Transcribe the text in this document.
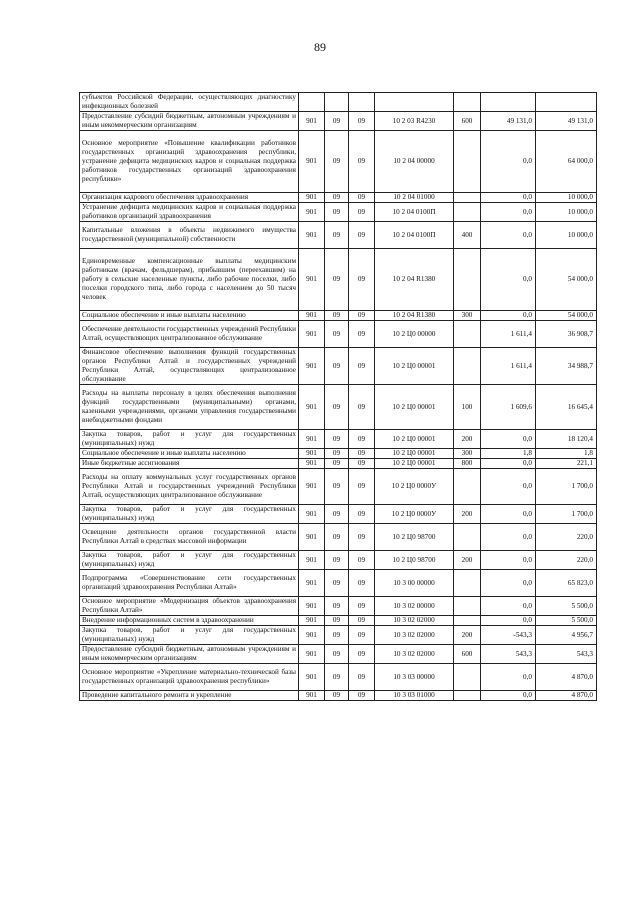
89
субъектов Российской Федерации, осуществляющих диагностику инфекционных болезней							
Предоставление субсидий бюджетным, автономным учреждениям и иным некоммерческим организациям	901	09	09	10 2 03 R4230	600	49 131,0	49 131,0
Основное мероприятие «Повышение квалификации работников государственных организаций здравоохранения республики, устранение дефицита медицинских кадров и социальная поддержка работников государственных организаций здравоохранения республики»	901	09	09	10 2 04 00000		0,0	64 000,0
Организация кадрового обеспечения здравоохранения	901	09	09	10 2 04 01000		0,0	10 000,0
Устранение дефицита медицинских кадров и социальная поддержка работников организаций здравоохранения	901	09	09	10 2 04 0100П		0,0	10 000,0
Капитальные вложения в объекты недвижимого имущества государственной (муниципальной) собственности	901	09	09	10 2 04 0100П	400	0,0	10 000,0
Единовременные компенсационные выплаты медицинским работникам (врачам, фельдшерам), прибывшим (переехавшим) на работу в сельские населенные пункты, либо рабочие поселки, либо поселки городского типа, либо города с населением до 50 тысяч человек	901	09	09	10 2 04 R1380		0,0	54 000,0
Социальное обеспечение и иные выплаты населению	901	09	09	10 2 04 R1380	300	0,0	54 000,0
Обеспечение деятельности государственных учреждений Республики Алтай, осуществляющих централизованное обслуживание	901	09	09	10 2 Ц0 00000		1 611,4	36 908,7
Финансовое обеспечение выполнения функций государственных органов Республики Алтай и государственных учреждений Республики Алтай, осуществляющих централизованное обслуживание	901	09	09	10 2 Ц0 00001		1 611,4	34 988,7
Расходы на выплаты персоналу в целях обеспечения выполнения функций государственными (муниципальными) органами, казенными учреждениями, органами управления государственными внебюджетными фондами	901	09	09	10 2 Ц0 00001	100	1 609,6	16 645,4
Закупка товаров, работ и услуг для государственных (муниципальных) нужд	901	09	09	10 2 Ц0 00001	200	0,0	18 120,4
Социальное обеспечение и иные выплаты населению	901	09	09	10 2 Ц0 00001	300	1,8	1,8
Иные бюджетные ассигнования	901	09	09	10 2 Ц0 00001	800	0,0	221,1
Расходы на оплату коммунальных услуг государственных органов Республики Алтай и государственных учреждений Республики Алтай, осуществляющих централизованное обслуживание	901	09	09	10 2 Ц0 0000У		0,0	1 700,0
Закупка товаров, работ и услуг для государственных (муниципальных) нужд	901	09	09	10 2 Ц0 0000У	200	0,0	1 700,0
Освещение деятельности органов государственной власти Республики Алтай в средствах массовой информации	901	09	09	10 2 Ц0 98700		0,0	220,0
Закупка товаров, работ и услуг для государственных (муниципальных) нужд	901	09	09	10 2 Ц0 98700	200	0,0	220,0
Подпрограмма «Совершенствование сети государственных организаций здравоохранения Республики Алтай»	901	09	09	10 3 00 00000		0,0	65 823,0
Основное мероприятие «Модернизация объектов здравоохранения Республики Алтай»	901	09	09	10 3 02 00000		0,0	5 500,0
Внедрение информационных систем в здравоохранении	901	09	09	10 3 02 02000		0,0	5 500,0
Закупка товаров, работ и услуг для государственных (муниципальных) нужд	901	09	09	10 3 02 02000	200	-543,3	4 956,7
Предоставление субсидий бюджетным, автономным учреждениям и иным некоммерческим организациям	901	09	09	10 3 02 02000	600	543,3	543,3
Основное мероприятие «Укрепление материально-технической базы государственных организаций здравоохранения республики»	901	09	09	10 3 03 00000		0,0	4 870,0
Проведение капитального ремонта и укрепление	901	09	09	10 3 03 01000		0,0	4 870,0
